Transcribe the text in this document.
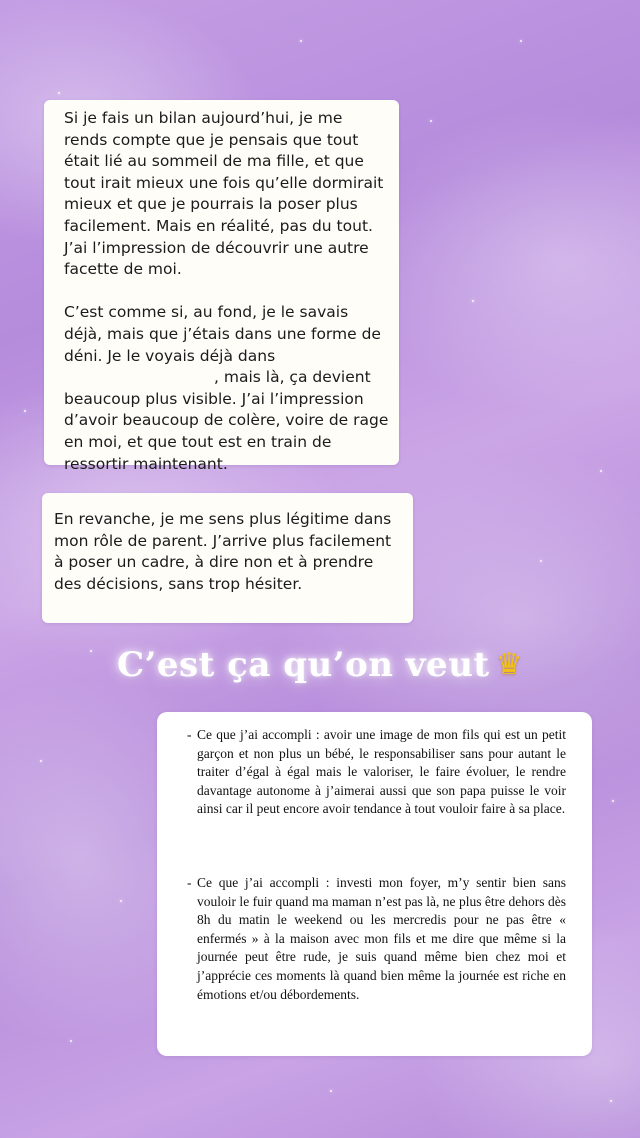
Si je fais un bilan aujourd’hui, je me rends compte que je pensais que tout était lié au sommeil de ma fille, et que tout irait mieux une fois qu’elle dormirait mieux et que je pourrais la poser plus facilement. Mais en réalité, pas du tout. J’ai l’impression de découvrir une autre facette de moi.

C’est comme si, au fond, je le savais déjà, mais que j’étais dans une forme de déni. Je le voyais déjà dans, mais là, ça devient beaucoup plus visible. J’ai l’impression d’avoir beaucoup de colère, voire de rage en moi, et que tout est en train de ressortir maintenant.

En revanche, je me sens plus légitime dans mon rôle de parent. J’arrive plus facilement à poser un cadre, à dire non et à prendre des décisions, sans trop hésiter.

C’est ça qu’on veut ♛
- Ce que j’ai accompli : avoir une image de mon fils qui est un petit garçon et non plus un bébé, le responsabiliser sans pour autant le traiter d’égal à égal mais le valoriser, le faire évoluer, le rendre davantage autonome à j’aimerai aussi que son papa puisse le voir ainsi car il peut encore avoir tendance à tout vouloir faire à sa place.
- Ce que j’ai accompli : investi mon foyer, m’y sentir bien sans vouloir le fuir quand ma maman n’est pas là, ne plus être dehors dès 8h du matin le weekend ou les mercredis pour ne pas être « enfermés » à la maison avec mon fils et me dire que même si la journée peut être rude, je suis quand même bien chez moi et j’apprécie ces moments là quand bien même la journée est riche en émotions et/ou débordements.
